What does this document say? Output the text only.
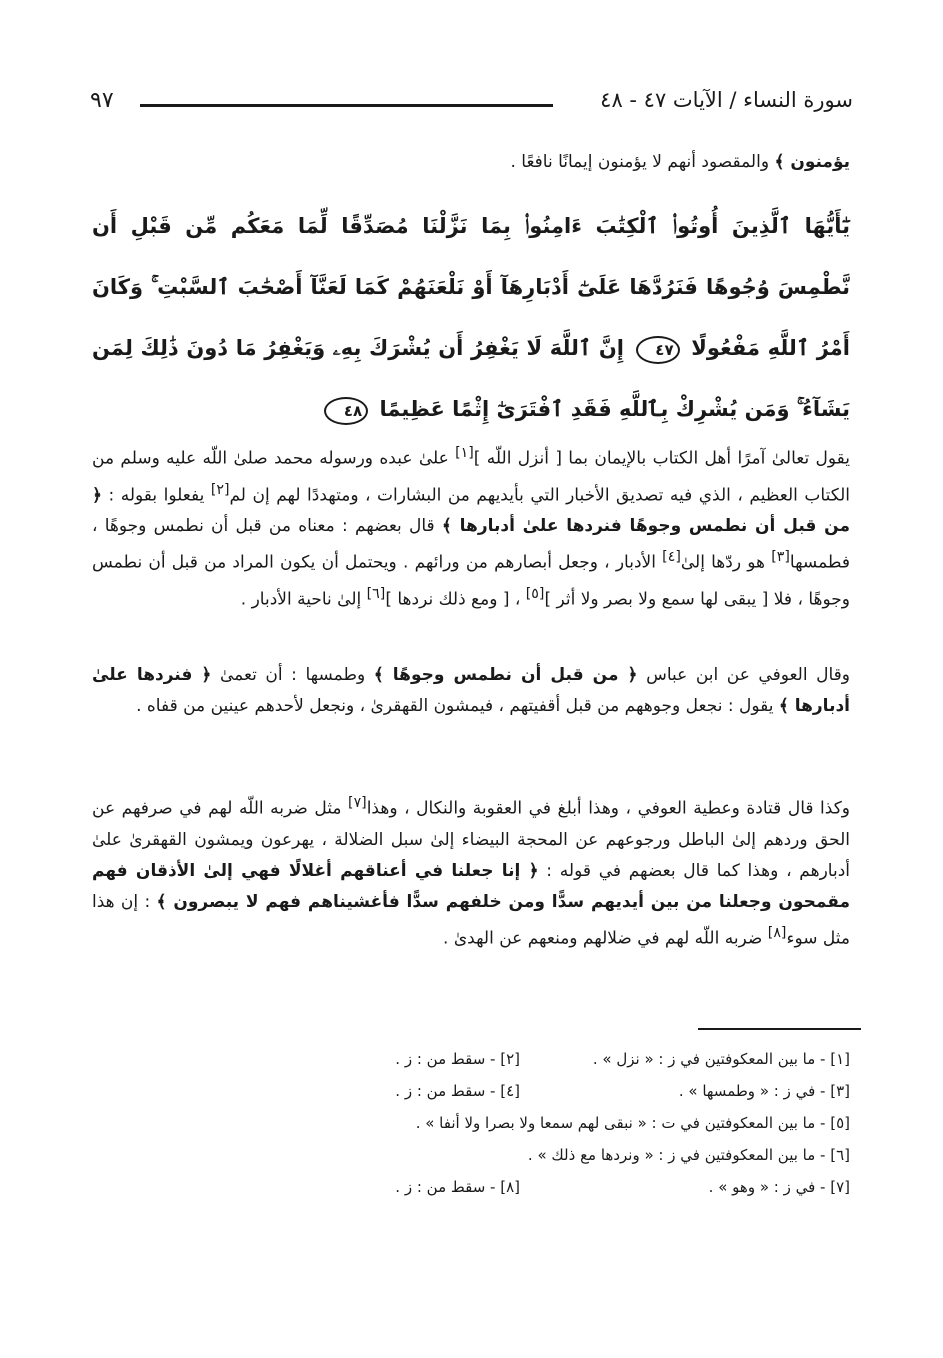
سورة النساء / الآيات ٤٧ - ٤٨
٩٧
يؤمنون ﴾ والمقصود أنهم لا يؤمنون إيمانًا نافعًا .
يَٰٓأَيُّهَا ٱلَّذِينَ أُوتُوا۟ ٱلْكِتَٰبَ ءَامِنُوا۟ بِمَا نَزَّلْنَا مُصَدِّقًا لِّمَا مَعَكُم مِّن قَبْلِ أَن نَّطْمِسَ وُجُوهًا فَنَرُدَّهَا عَلَىٰٓ أَدْبَارِهَآ أَوْ نَلْعَنَهُمْ كَمَا لَعَنَّآ أَصْحَٰبَ ٱلسَّبْتِ ۚ وَكَانَ أَمْرُ ٱللَّهِ مَفْعُولًا ٤٧ إِنَّ ٱللَّهَ لَا يَغْفِرُ أَن يُشْرَكَ بِهِۦ وَيَغْفِرُ مَا دُونَ ذَٰلِكَ لِمَن يَشَآءُ ۚ وَمَن يُشْرِكْ بِٱللَّهِ فَقَدِ ٱفْتَرَىٰٓ إِثْمًا عَظِيمًا ٤٨
يقول تعالىٰ آمرًا أهل الكتاب بالإيمان بما [ أنزل اللّه ][١] علىٰ عبده ورسوله محمد صلىٰ اللّه عليه وسلم من الكتاب العظيم ، الذي فيه تصديق الأخبار التي بأيديهم من البشارات ، ومتهددًا لهم إن لم[٢] يفعلوا بقوله : ﴿ من قبل أن نطمس وجوهًا فنردها علىٰ أدبارها ﴾ قال بعضهم : معناه من قبل أن نطمس وجوهًا ، فطمسها[٣] هو ردّها إلىٰ[٤] الأدبار ، وجعل أبصارهم من ورائهم . ويحتمل أن يكون المراد من قبل أن نطمس وجوهًا ، فلا [ يبقى لها سمع ولا بصر ولا أثر ][٥] ، [ ومع ذلك نردها ][٦] إلىٰ ناحية الأدبار .
وقال العوفي عن ابن عباس ﴿ من قبل أن نطمس وجوهًا ﴾ وطمسها : أن تعمىٰ ﴿ فنردها علىٰ أدبارها ﴾ يقول : نجعل وجوههم من قبل أقفيتهم ، فيمشون القهقرىٰ ، ونجعل لأحدهم عينين من قفاه .
وكذا قال قتادة وعطية العوفي ، وهذا أبلغ في العقوبة والنكال ، وهذا[٧] مثل ضربه اللّه لهم في صرفهم عن الحق وردهم إلىٰ الباطل ورجوعهم عن المحجة البيضاء إلىٰ سبل الضلالة ، يهرعون ويمشون القهقرىٰ علىٰ أدبارهم ، وهذا كما قال بعضهم في قوله : ﴿ إنا جعلنا في أعناقهم أغلالًا فهي إلىٰ الأذقان فهم مقمحون وجعلنا من بين أيديهم سدًّا ومن خلفهم سدًّا فأغشيناهم فهم لا يبصرون ﴾ : إن هذا مثل سوء[٨] ضربه اللّه لهم في ضلالهم ومنعهم عن الهدىٰ .
[١] - ما بين المعكوفتين في ز : « نزل » .
[٢] - سقط من : ز .
[٣] - في ز : « وطمسها » .
[٤] - سقط من : ز .
[٥] - ما بين المعكوفتين في ت : « نبقى لهم سمعا ولا بصرا ولا أنفا » .
[٦] - ما بين المعكوفتين في ز : « ونردها مع ذلك » .
[٧] - في ز : « وهو » .
[٨] - سقط من : ز .
